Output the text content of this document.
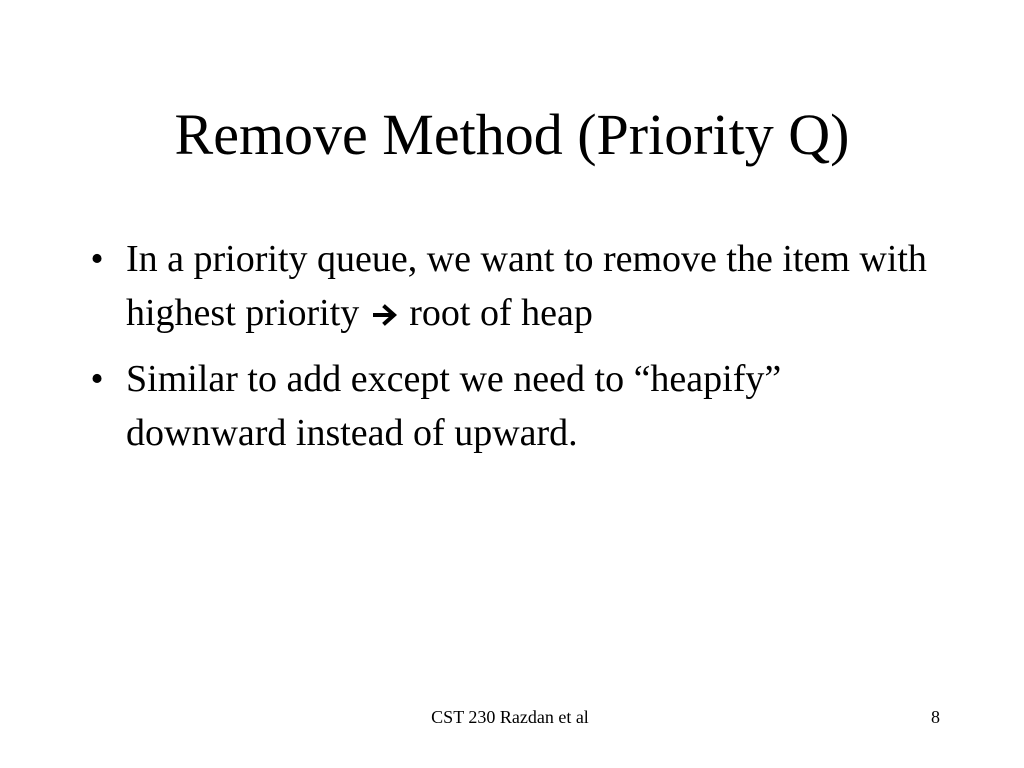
Remove Method (Priority Q)
• In a priority queue, we want to remove the item with highest priority root of heap
• Similar to add except we need to “heapify” downward instead of upward.
CST 230 Razdan et al	8
